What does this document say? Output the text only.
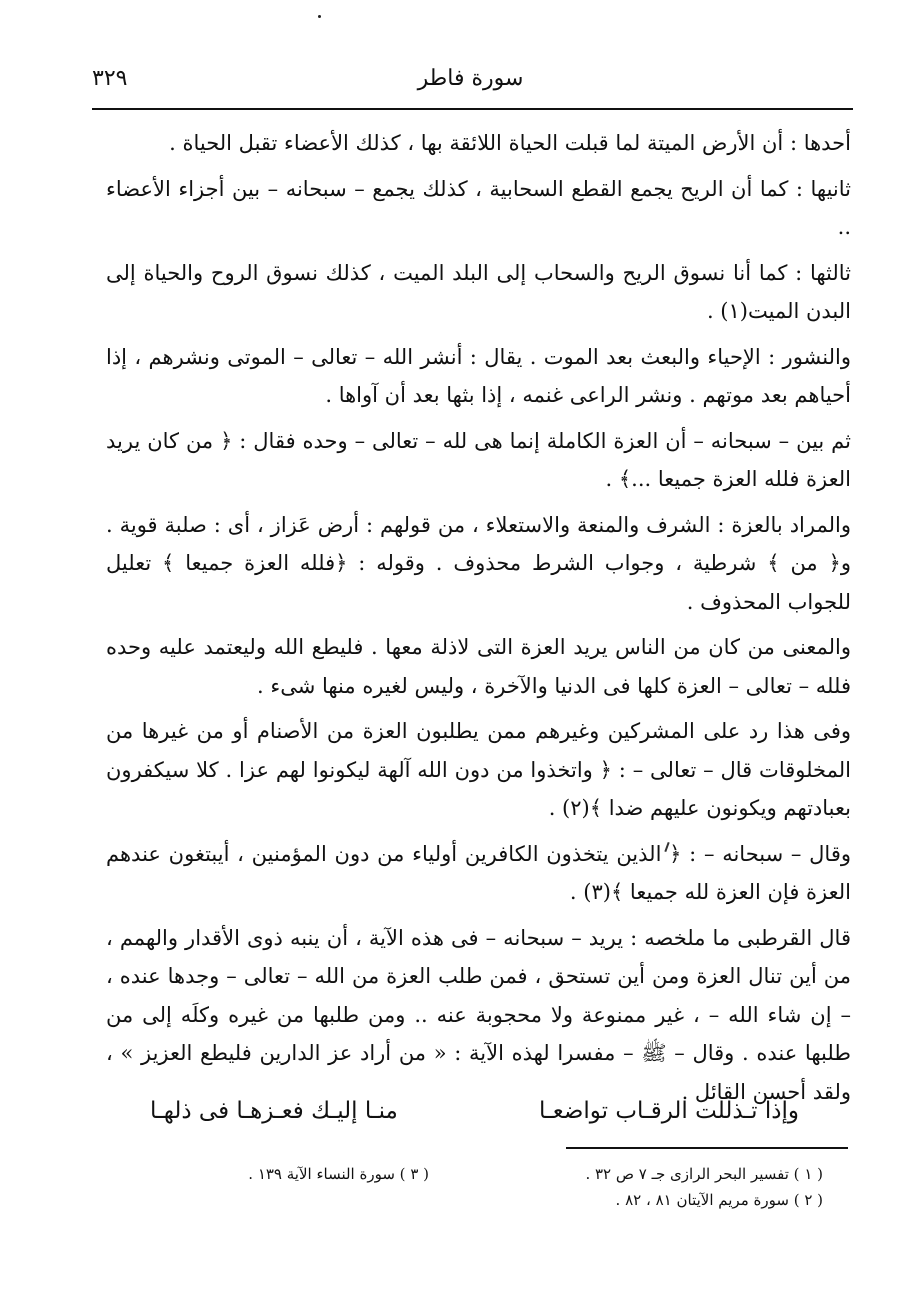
سورة فاطر
٣٢٩

أحدها : أن الأرض الميتة لما قبلت الحياة اللائقة بها ، كذلك الأعضاء تقبل الحياة .

ثانيها : كما أن الريح يجمع القطع السحابية ، كذلك يجمع – سبحانه – بين أجزاء الأعضاء ..

ثالثها : كما أنا نسوق الريح والسحاب إلى البلد الميت ، كذلك نسوق الروح والحياة إلى البدن الميت(١) .

والنشور : الإحياء والبعث بعد الموت . يقال : أنشر الله – تعالى – الموتى ونشرهم ، إذا أحياهم بعد موتهم . ونشر الراعى غنمه ، إذا بثها بعد أن آواها .

ثم بين – سبحانه – أن العزة الكاملة إنما هى لله – تعالى – وحده فقال : ﴿ من كان يريد العزة فلله العزة جميعا ...﴾ .

والمراد بالعزة : الشرف والمنعة والاستعلاء ، من قولهم : أرض عَزاز ، أى : صلبة قوية . و﴿ من ﴾ شرطية ، وجواب الشرط محذوف . وقوله : ﴿فلله العزة جميعا ﴾ تعليل للجواب المحذوف .

والمعنى من كان من الناس يريد العزة التى لاذلة معها . فليطع الله وليعتمد عليه وحده فلله – تعالى – العزة كلها فى الدنيا والآخرة ، وليس لغيره منها شىء .

وفى هذا رد على المشركين وغيرهم ممن يطلبون العزة من الأصنام أو من غيرها من المخلوقات قال – تعالى – : ﴿ واتخذوا من دون الله آلهة ليكونوا لهم عزا . كلا سيكفرون بعبادتهم ويكونون عليهم ضدا ﴾(٢) .

وقال – سبحانه – : ﴿ الذين يتخذون الكافرين أولياء من دون المؤمنين ، أيبتغون عندهم العزة فإن العزة لله جميعا ﴾(٣) .

قال القرطبى ما ملخصه : يريد – سبحانه – فى هذه الآية ، أن ينبه ذوى الأقدار والهمم ، من أين تنال العزة ومن أين تستحق ، فمن طلب العزة من الله – تعالى – وجدها عنده ، – إن شاء الله – ، غير ممنوعة ولا محجوبة عنه .. ومن طلبها من غيره وكلَه إلى من طلبها عنده . وقال – ﷺ – مفسرا لهذه الآية : « من أراد عز الدارين فليطع العزيز » ، ولقد أحسن القائل .

وإذا تـذللت الرقـاب تواضعـا
منـا إليـك فعـزهـا فى ذلهـا
( ١ ) تفسير البحر الرازى جـ ٧ ص ٣٢ .
( ٢ ) سورة مريم الآيتان ٨١ ، ٨٢ .
( ٣ ) سورة النساء الآية ١٣٩ .
